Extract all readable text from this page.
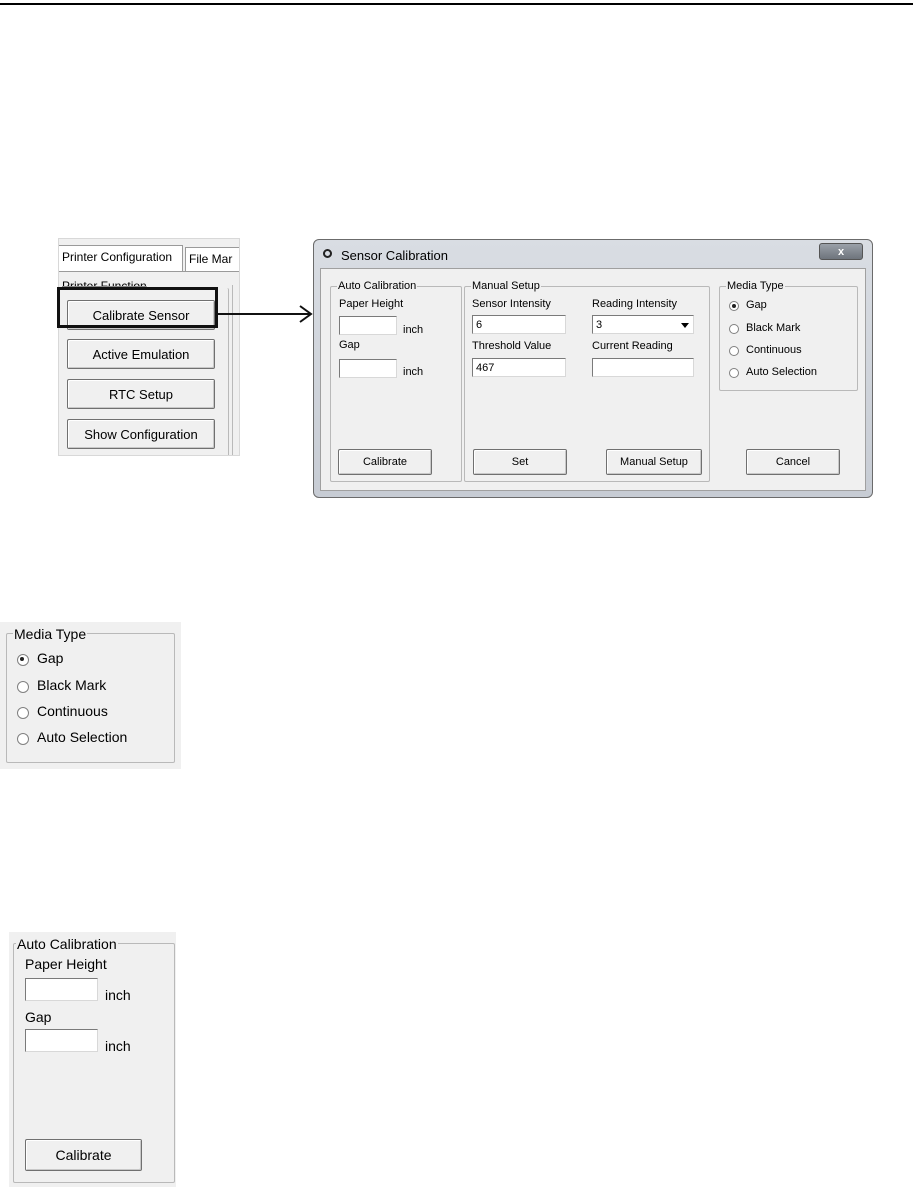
Printer Configuration	File Mar
Printer Function
Calibrate Sensor
Active Emulation
RTC Setup
Show Configuration
Sensor Calibration	x
Auto Calibration
Paper Height
inch
Gap
inch
Calibrate
Manual Setup
Sensor Intensity
6
Reading Intensity
3
Threshold Value
467
Current Reading
Set	Manual Setup
Media Type
Gap
Black Mark
Continuous
Auto Selection
Cancel
Media Type
Gap
Black Mark
Continuous
Auto Selection
Auto Calibration
Paper Height
inch
Gap
inch
Calibrate
